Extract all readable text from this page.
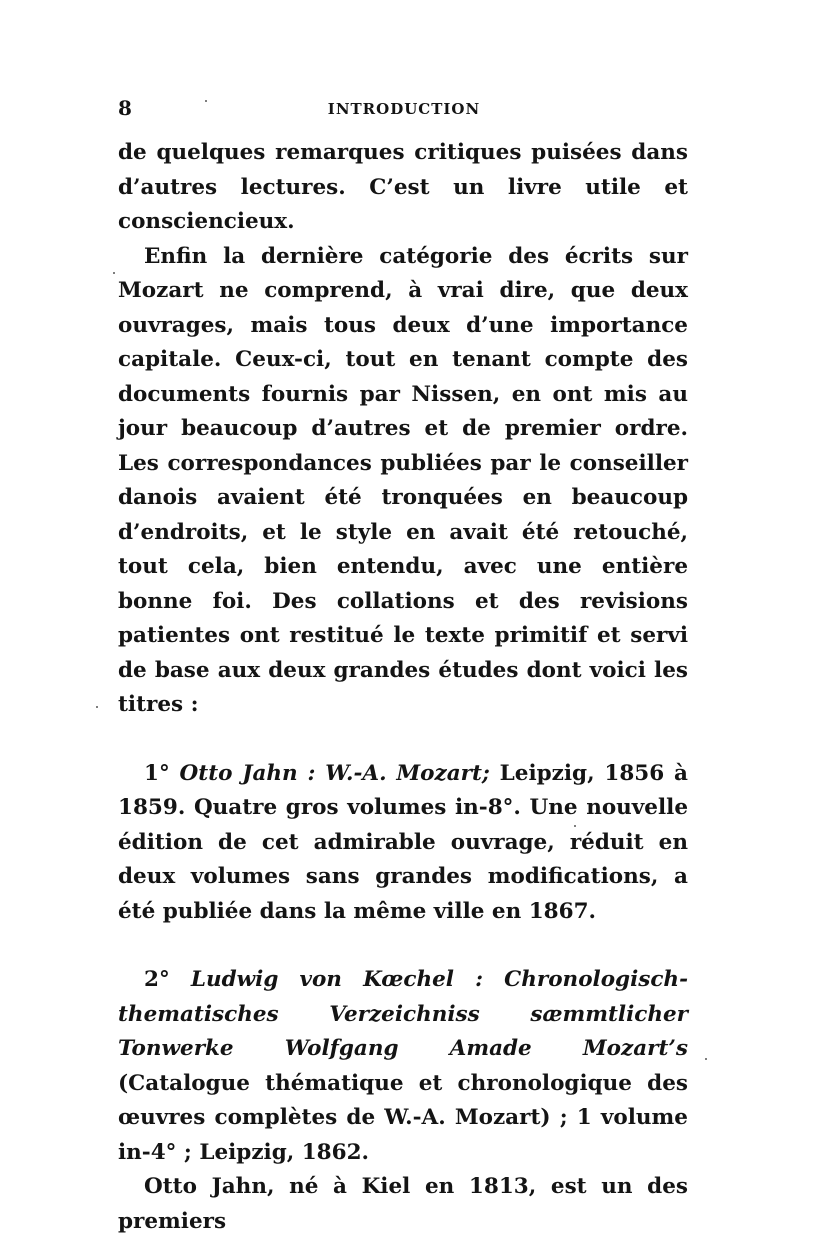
8	INTRODUCTION

de quelques remarques critiques puisées dans d’autres lectures. C’est un livre utile et consciencieux.

Enfin la dernière catégorie des écrits sur Mozart ne comprend, à vrai dire, que deux ouvrages, mais tous deux d’une importance capitale. Ceux-ci, tout en tenant compte des documents fournis par Nissen, en ont mis au jour beaucoup d’autres et de premier ordre. Les correspondances publiées par le conseiller danois avaient été tronquées en beaucoup d’endroits, et le style en avait été retouché, tout cela, bien entendu, avec une entière bonne foi. Des collations et des revisions patientes ont restitué le texte primitif et servi de base aux deux grandes études dont voici les titres :

1° Otto Jahn : W.-A. Mozart; Leipzig, 1856 à 1859. Quatre gros volumes in-8°. Une nouvelle édition de cet admirable ouvrage, réduit en deux volumes sans grandes modifications, a été publiée dans la même ville en 1867.

2° Ludwig von Kœchel : Chronologisch-thematisches Verzeichniss sæmmtlicher Tonwerke Wolfgang Amade Mozart’s (Catalogue thématique et chronologique des œuvres complètes de W.-A. Mozart) ; 1 volume in-4° ; Leipzig, 1862.

Otto Jahn, né à Kiel en 1813, est un des premiers
